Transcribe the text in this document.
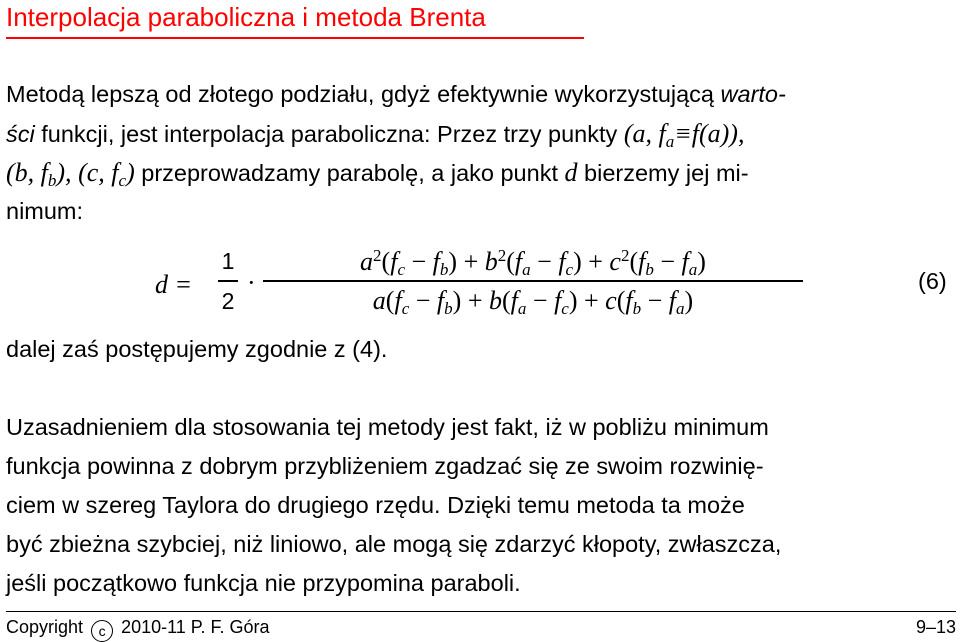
Interpolacja paraboliczna i metoda Brenta
Metodą lepszą od złotego podziału, gdyż efektywnie wykorzystującą warto-
ści funkcji, jest interpolacja paraboliczna: Przez trzy punkty (a, $f_a\equiv f(a)$),
(b, $f_b$), (c, $f_c$) przeprowadzamy parabolę, a jako punkt d bierzemy jej mi-
nimum:
d =
1
2
·
$a^2(f_c - f_b) + b^2(f_a - f_c) + c^2(f_b - f_a)$
$a(f_c - f_b) + b(f_a - f_c) + c(f_b - f_a)$
(6)
dalej zaś postępujemy zgodnie z (4).
Uzasadnieniem dla stosowania tej metody jest fakt, iż w pobliżu minimum
funkcja powinna z dobrym przybliżeniem zgadzać się ze swoim rozwinię-
ciem w szereg Taylora do drugiego rzędu. Dzięki temu metoda ta może
być zbieżna szybciej, niż liniowo, ale mogą się zdarzyć kłopoty, zwłaszcza,
jeśli początkowo funkcja nie przypomina paraboli.
Copyright c 2010-11 P. F. Góra	9–13
